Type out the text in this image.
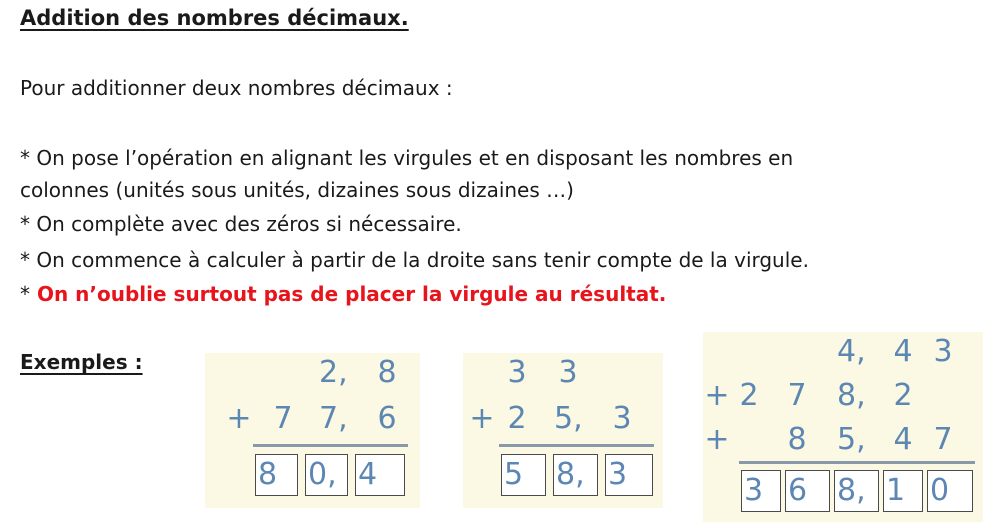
Addition des nombres décimaux.
Pour additionner deux nombres décimaux :
* On pose l’opération en alignant les virgules et en disposant les nombres en
colonnes (unités sous unités, dizaines sous dizaines …)
* On complète avec des zéros si nécessaire.
* On commence à calculer à partir de la droite sans tenir compte de la virgule.
* On n’oublie surtout pas de placer la virgule au résultat.
Exemples :	2, 8
+ 7 7, 6
8	0, 4
3 3
+ 2 5, 3
5	8, 3
4, 4 3
+ 2 7 8, 2
+ 8 5, 4 7
3 6 8, 1 0
